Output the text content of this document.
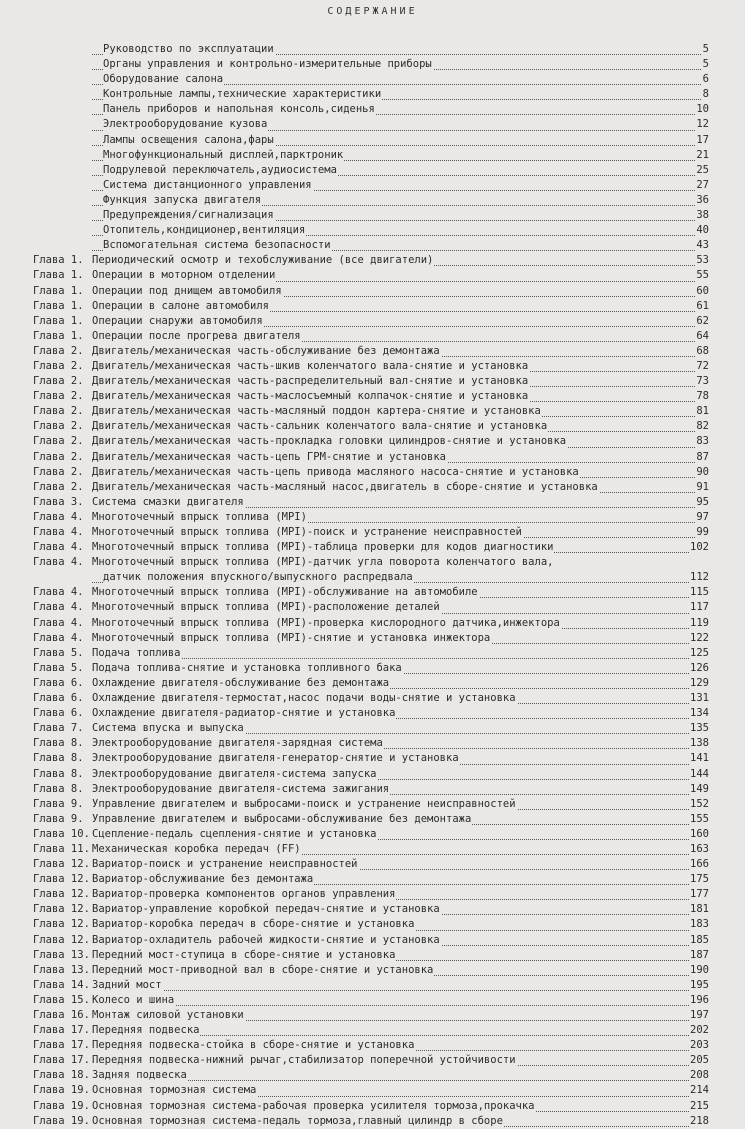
СОДЕРЖАНИЕ
Руководство по эксплуатации	5
Органы управления и контрольно-измерительные приборы	5
Оборудование салона	6
Контрольные лампы,технические характеристики	8
Панель приборов и напольная консоль,сиденья	10
Электрооборудование кузова	12
Лампы освещения салона,фары	17
Многофункциональный дисплей,парктроник	21
Подрулевой переключатель,аудиосистема	25
Система дистанционного управления	27
Функция запуска двигателя	36
Предупреждения/сигнализация	38
Отопитель,кондиционер,вентиляция	40
Вспомогательная система безопасности	43
Глава 1. Периодический осмотр и техобслуживание (все двигатели)	53
Глава 1. Операции в моторном отделении	55
Глава 1. Операции под днищем автомобиля	60
Глава 1. Операции в салоне автомобиля	61
Глава 1. Операции снаружи автомобиля	62
Глава 1. Операции после прогрева двигателя	64
Глава 2. Двигатель/механическая часть-обслуживание без демонтажа	68
Глава 2. Двигатель/механическая часть-шкив коленчатого вала-снятие и установка	72
Глава 2. Двигатель/механическая часть-распределительный вал-снятие и установка	73
Глава 2. Двигатель/механическая часть-маслосъемный колпачок-снятие и установка	78
Глава 2. Двигатель/механическая часть-масляный поддон картера-снятие и установка	81
Глава 2. Двигатель/механическая часть-сальник коленчатого вала-снятие и установка	82
Глава 2. Двигатель/механическая часть-прокладка головки цилиндров-снятие и установка	83
Глава 2. Двигатель/механическая часть-цепь ГРМ-снятие и установка	87
Глава 2. Двигатель/механическая часть-цепь привода масляного насоса-снятие и установка	90
Глава 2. Двигатель/механическая часть-масляный насос,двигатель в сборе-снятие и установка	91
Глава 3. Система смазки двигателя	95
Глава 4. Многоточечный впрыск топлива (MPI)	97
Глава 4. Многоточечный впрыск топлива (MPI)-поиск и устранение неисправностей	99
Глава 4. Многоточечный впрыск топлива (MPI)-таблица проверки для кодов диагностики	102
Глава 4. Многоточечный впрыск топлива (MPI)-датчик угла поворота коленчатого вала,
датчик положения впускного/выпускного распредвала	112
Глава 4. Многоточечный впрыск топлива (MPI)-обслуживание на автомобиле	115
Глава 4. Многоточечный впрыск топлива (MPI)-расположение деталей	117
Глава 4. Многоточечный впрыск топлива (MPI)-проверка кислородного датчика,инжектора	119
Глава 4. Многоточечный впрыск топлива (MPI)-снятие и установка инжектора	122
Глава 5. Подача топлива	125
Глава 5. Подача топлива-снятие и установка топливного бака	126
Глава 6. Охлаждение двигателя-обслуживание без демонтажа	129
Глава 6. Охлаждение двигателя-термостат,насос подачи воды-снятие и установка	131
Глава 6. Охлаждение двигателя-радиатор-снятие и установка	134
Глава 7. Система впуска и выпуска	135
Глава 8. Электрооборудование двигателя-зарядная система	138
Глава 8. Электрооборудование двигателя-генератор-снятие и установка	141
Глава 8. Электрооборудование двигателя-система запуска	144
Глава 8. Электрооборудование двигателя-система зажигания	149
Глава 9. Управление двигателем и выбросами-поиск и устранение неисправностей	152
Глава 9. Управление двигателем и выбросами-обслуживание без демонтажа	155
Глава 10. Сцепление-педаль сцепления-снятие и установка	160
Глава 11. Механическая коробка передач (FF)	163
Глава 12. Вариатор-поиск и устранение неисправностей	166
Глава 12. Вариатор-обслуживание без демонтажа	175
Глава 12. Вариатор-проверка компонентов органов управления	177
Глава 12. Вариатор-управление коробкой передач-снятие и установка	181
Глава 12. Вариатор-коробка передач в сборе-снятие и установка	183
Глава 12. Вариатор-охладитель рабочей жидкости-снятие и установка	185
Глава 13. Передний мост-ступица в сборе-снятие и установка	187
Глава 13. Передний мост-приводной вал в сборе-снятие и установка	190
Глава 14. Задний мост	195
Глава 15. Колесо и шина	196
Глава 16. Монтаж силовой установки	197
Глава 17. Передняя подвеска	202
Глава 17. Передняя подвеска-стойка в сборе-снятие и установка	203
Глава 17. Передняя подвеска-нижний рычаг,стабилизатор поперечной устойчивости	205
Глава 18. Задняя подвеска	208
Глава 19. Основная тормозная система	214
Глава 19. Основная тормозная система-рабочая проверка усилителя тормоза,прокачка	215
Глава 19. Основная тормозная система-педаль тормоза,главный цилиндр в сборе	218
